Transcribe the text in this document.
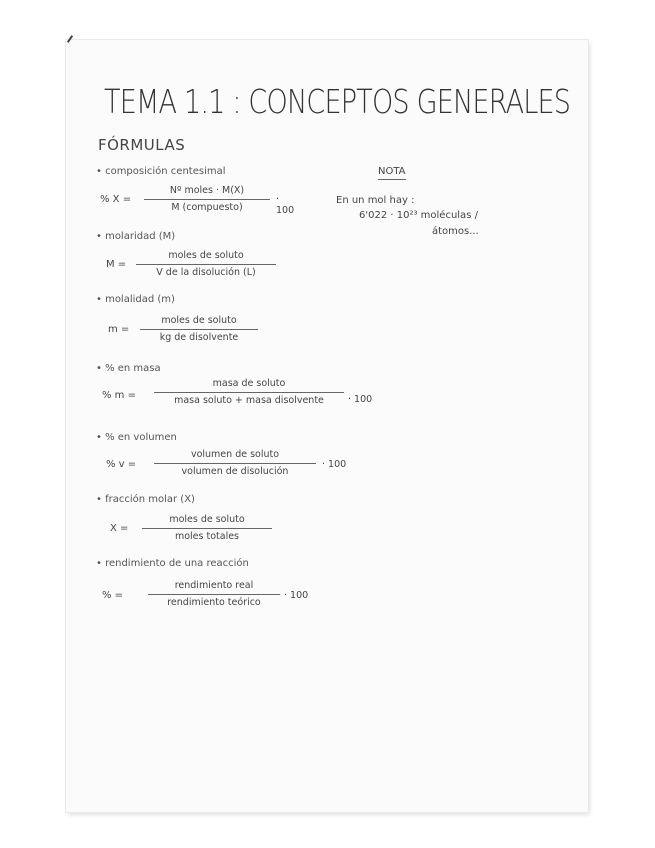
TEMA 1.1 : CONCEPTOS GENERALES
FÓRMULAS
• composición centesimal
% X =
Nº moles · M(X)
M (compuesto)
· 100
NOTA
En un mol hay :
6'022 · 10²³ moléculas /
átomos...
• molaridad (M)
M =
moles de soluto
V de la disolución (L)
• molalidad (m)
m =
moles de soluto
kg de disolvente
• % en masa
% m =
masa de soluto
masa soluto + masa disolvente	· 100
• % en volumen
% v =
volumen de soluto
volumen de disolución
· 100
• fracción molar (X)
X =
moles de soluto
moles totales
• rendimiento de una reacción
% =
rendimiento real
rendimiento teórico
· 100
